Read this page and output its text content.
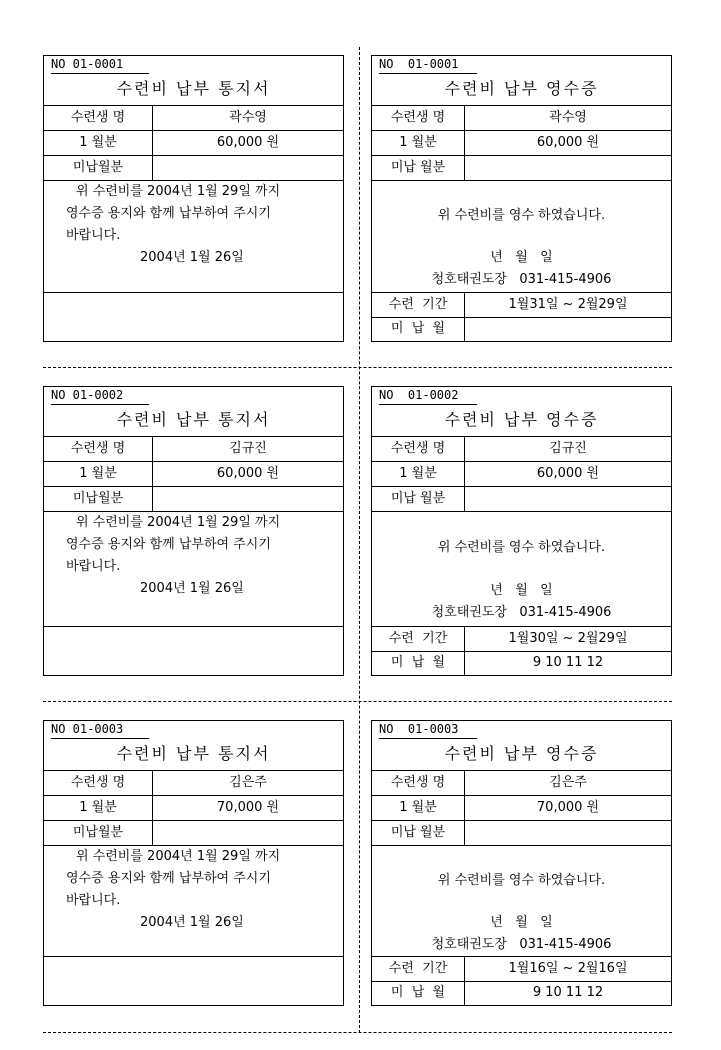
NO 01-0001
수련비 납부 통지서
수련생 명	곽수영
1 월분	60,000 원
미납월분
위 수련비를 2004년 1월 29일 까지
영수증 용지와 함께 납부하여 주시기
바랍니다.
2004년 1월 26일
NO  01-0001
수련비 납부 영수증
수련생 명	곽수영
1 월분	60,000 원
미납 월분
위 수련비를 영수 하였습니다.
년   월   일
청호태권도장   031-415-4906
수련  기간	1월31일 ~ 2월29일
미  납  월
NO 01-0002
수련비 납부 통지서
수련생 명	김규진
1 월분	60,000 원
미납월분
위 수련비를 2004년 1월 29일 까지
영수증 용지와 함께 납부하여 주시기
바랍니다.
2004년 1월 26일
NO  01-0002
수련비 납부 영수증
수련생 명	김규진
1 월분	60,000 원
미납 월분
위 수련비를 영수 하였습니다.
년   월   일
청호태권도장   031-415-4906
수련  기간	1월30일 ~ 2월29일
미  납  월	9 10 11 12
NO 01-0003
수련비 납부 통지서
수련생 명	김은주
1 월분	70,000 원
미납월분
위 수련비를 2004년 1월 29일 까지
영수증 용지와 함께 납부하여 주시기
바랍니다.
2004년 1월 26일
NO  01-0003
수련비 납부 영수증
수련생 명	김은주
1 월분	70,000 원
미납 월분
위 수련비를 영수 하였습니다.
년   월   일
청호태권도장   031-415-4906
수련  기간	1월16일 ~ 2월16일
미  납  월	9 10 11 12
